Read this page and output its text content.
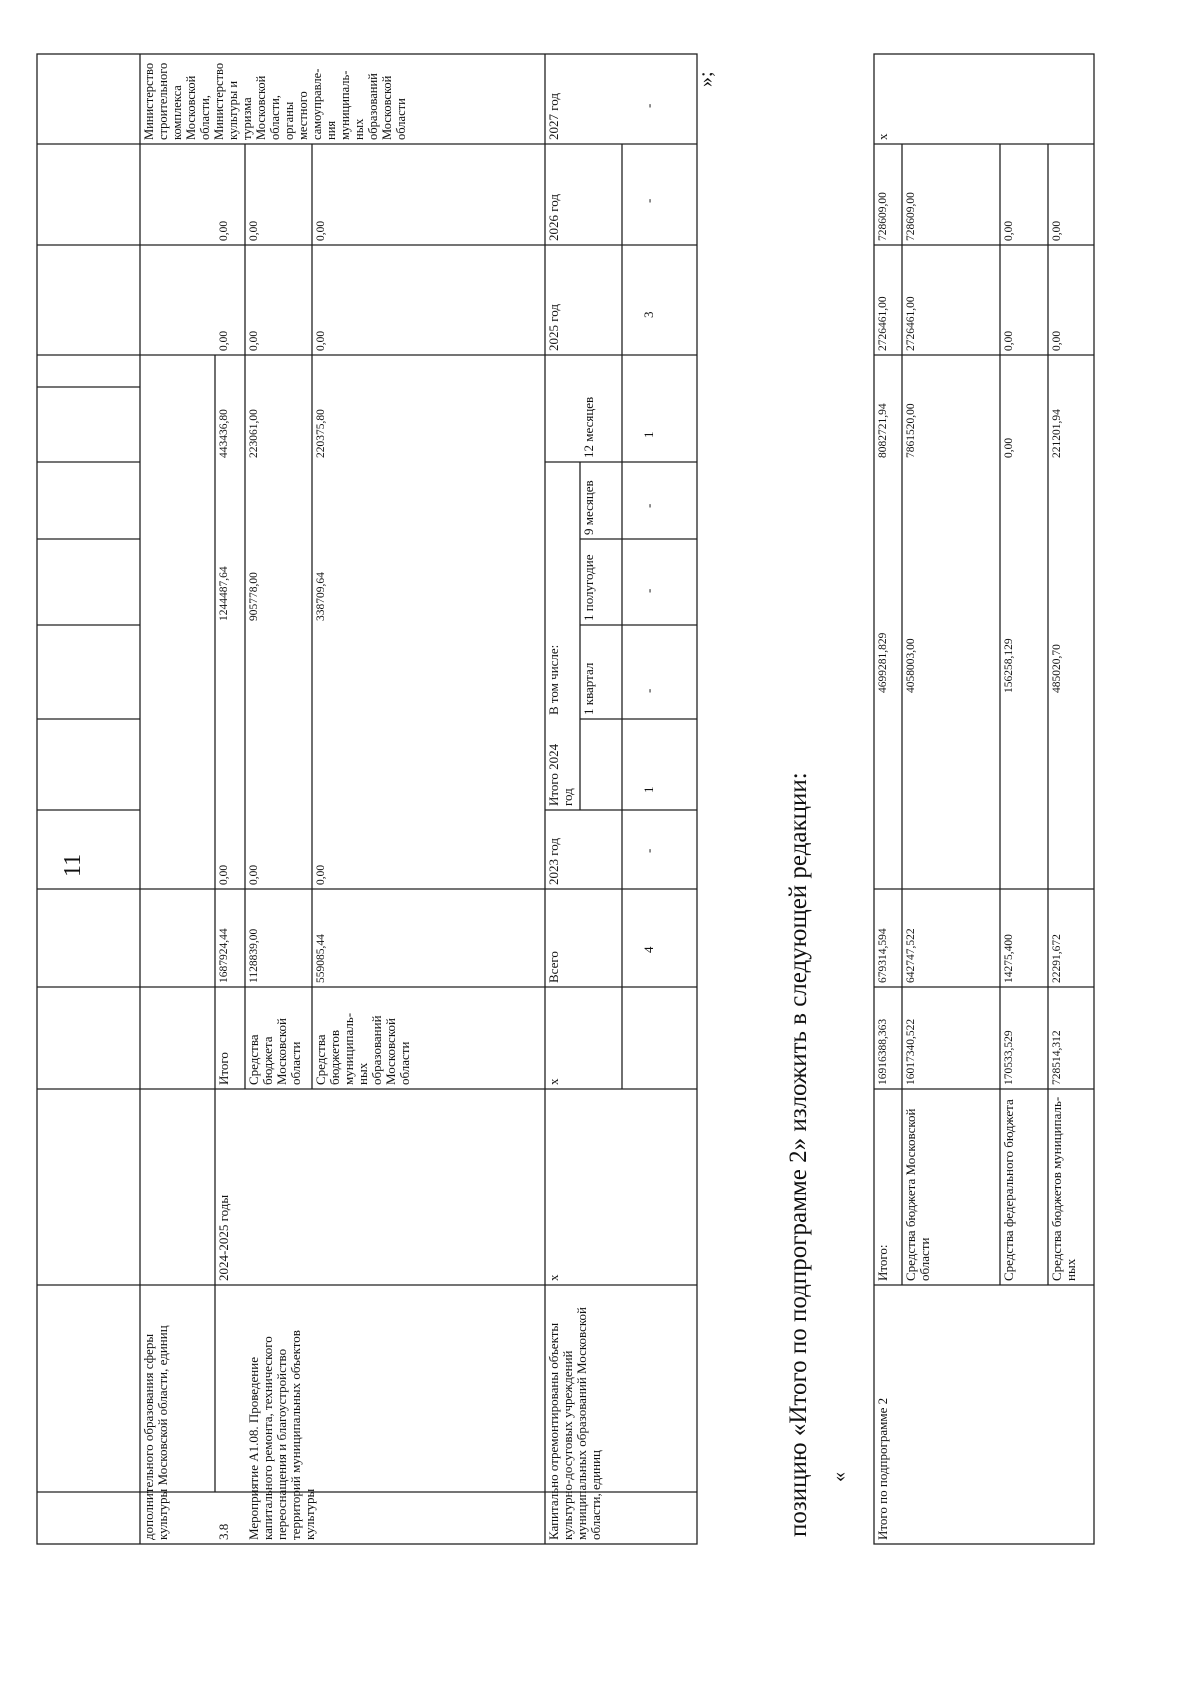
дополнительного образования сферы культуры Московской области, единиц
Министерство строительного комплекса Московской области, Министерство культуры и туризма Московской области, органы местного самоуправле-ния муниципаль-ных образований Московской области
3.8	Мероприятие А1.08. Проведение капитального ремонта, технического переоснащения и благоустройство территорий муниципальных объектов культуры
2024-2025 годы
Итого
1687924,44
0,00
1244487,64
443436,80
0,00
0,00
Средства бюджета Московской области
1128839,00
0,00
905778,00
223061,00
0,00
0,00
Средства бюджетов муниципаль-ных образований Московской области
559085,44
0,00
338709,64
220375,80
0,00
0,00
Капитально отремонтированы объекты культурно-досуговых учреждений муниципальных образований Московской области, единиц
х
х
Всего
2023 год
Итого 2024 год
В том числе:	1 квартал
1 полугодие
9 месяцев
12 месяцев
2025 год
2026 год
2027 год
4
-
1
-
-
-
1
3
-
-
11
»;
позицию «Итого по подпрограмме 2» изложить в следующей редакции: « Итого по подпрограмме 2
х
Итого:
16916388,363
679314,594
4699281,829
8082721,94
2726461,00
728609,00
Средства бюджета Московской области
16017340,522
642747,522
4058003,00
7861520,00
2726461,00
728609,00
Средства федерального бюджета
170533,529
14275,400
156258,129
0,00
0,00
0,00
Средства бюджетов муниципаль-ных
728514,312
22291,672
485020,70
221201,94
0,00
0,00
